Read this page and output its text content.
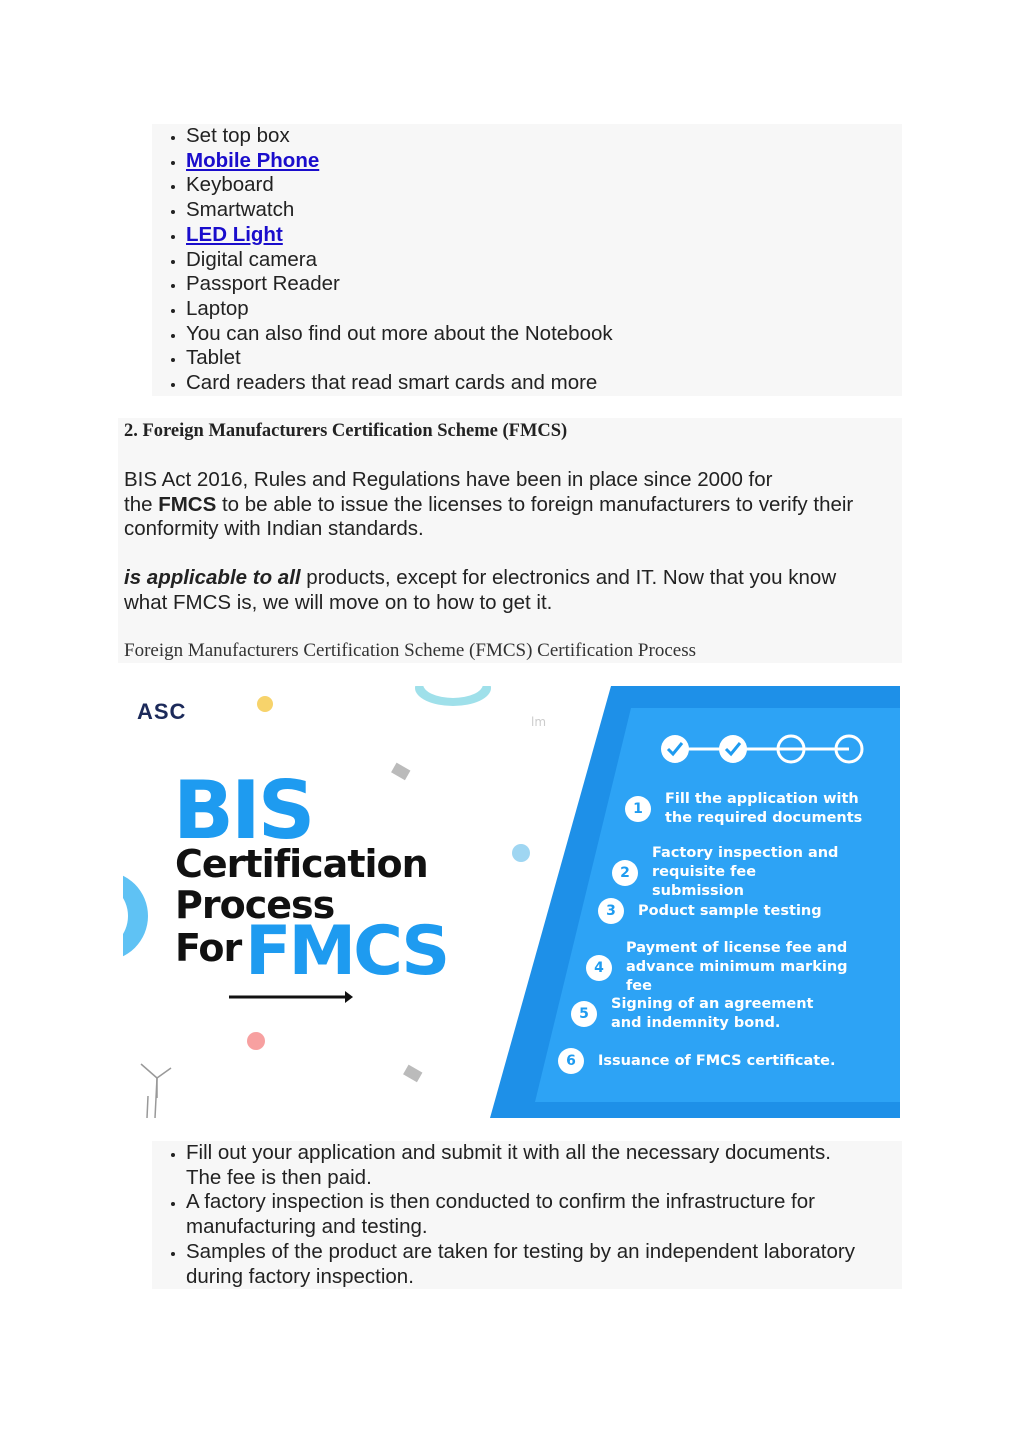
• Set top box
• Mobile Phone
• Keyboard
• Smartwatch
• LED Light
• Digital camera
• Passport Reader
• Laptop
• You can also find out more about the Notebook
• Tablet
• Card readers that read smart cards and more
2. Foreign Manufacturers Certification Scheme (FMCS)
BIS Act 2016, Rules and Regulations have been in place since 2000 for
the FMCS to be able to issue the licenses to foreign manufacturers to verify their
conformity with Indian standards.
is applicable to all products, except for electronics and IT. Now that you know
what FMCS is, we will move on to how to get it.
Foreign Manufacturers Certification Scheme (FMCS) Certification Process
lm
ASC
BIS
Certification
Process
For FMCS
1
Fill the application with the required documents
2
Factory inspection and requisite fee submission
3	Poduct sample testing
4
Payment of license fee and advance minimum marking fee
5
Signing of an agreement and indemnity bond.
6	Issuance of FMCS certificate.
• Fill out your application and submit it with all the necessary documents.
The fee is then paid.
• A factory inspection is then conducted to confirm the infrastructure for
manufacturing and testing.
• Samples of the product are taken for testing by an independent laboratory
during factory inspection.
